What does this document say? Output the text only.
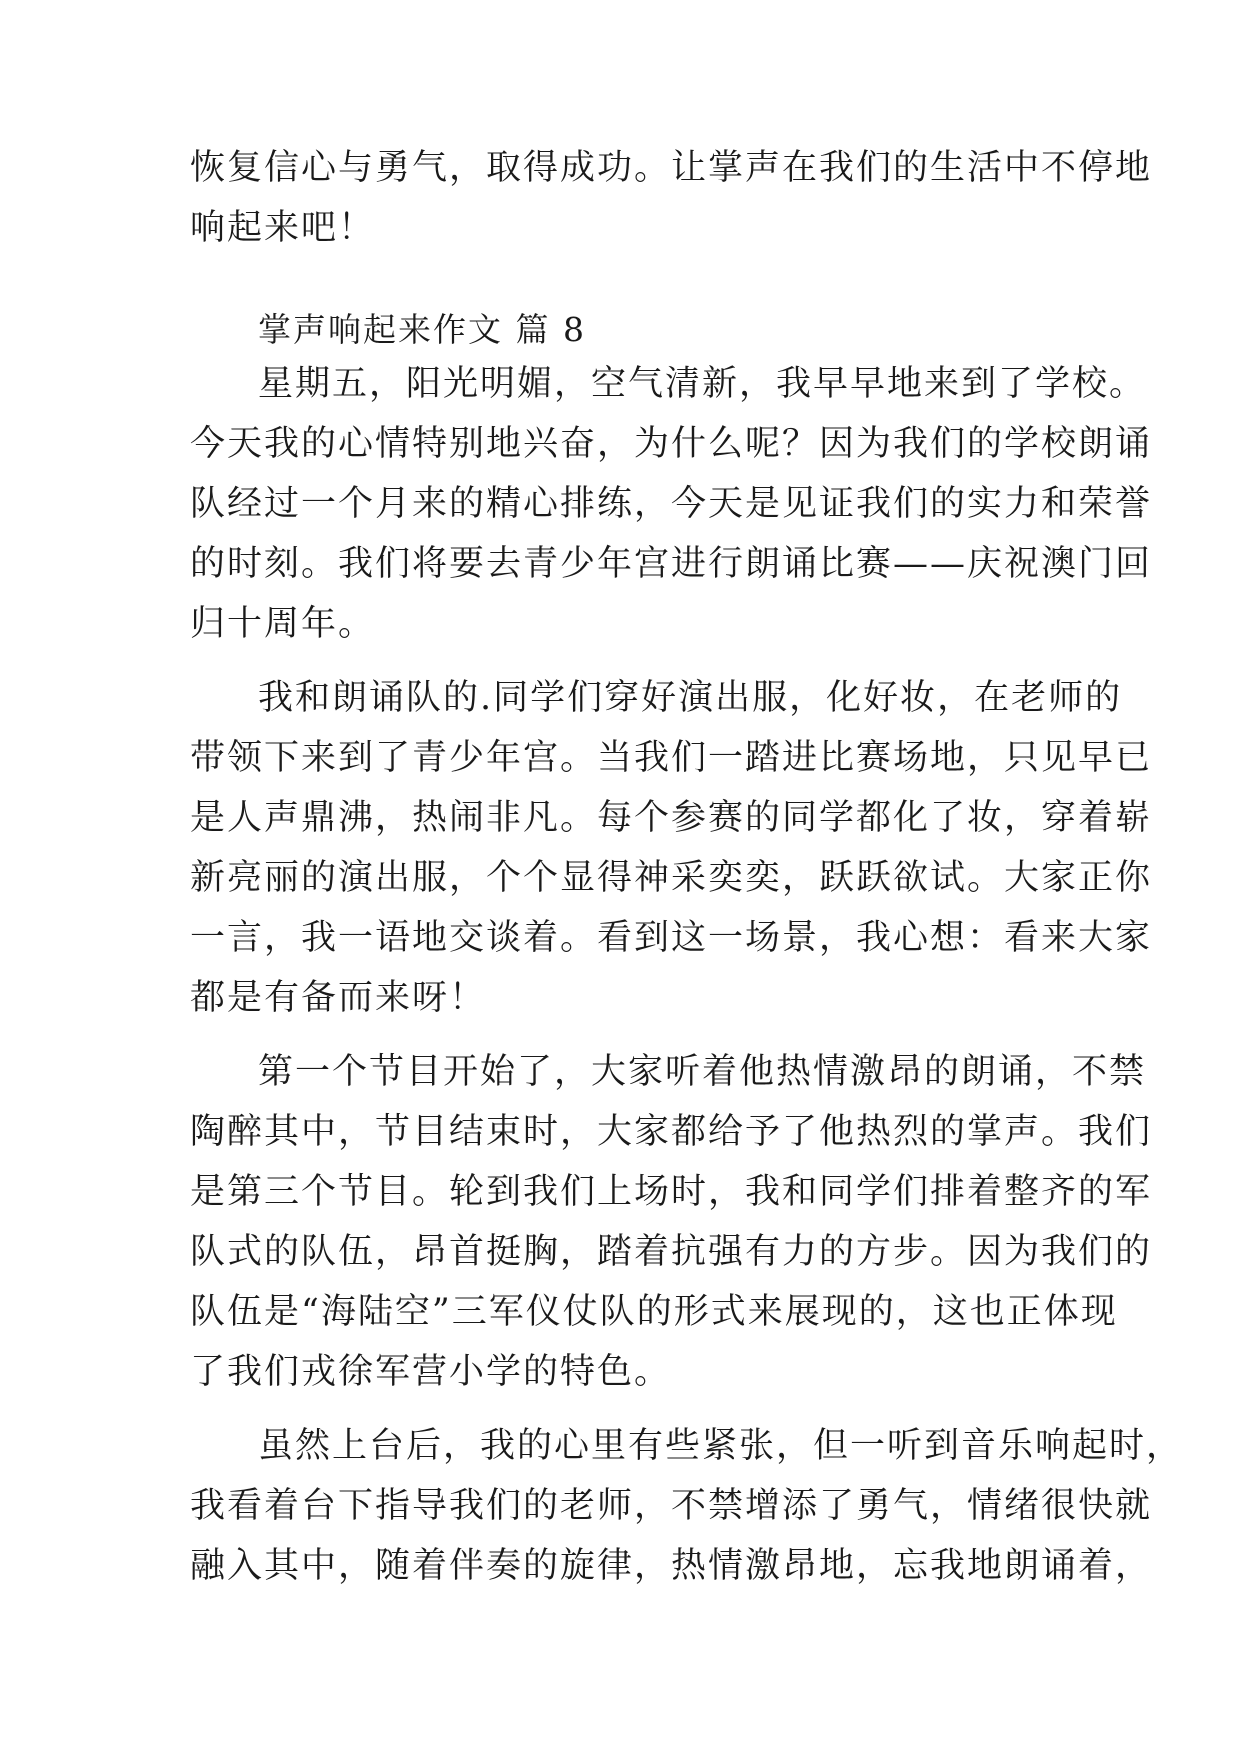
恢复信心与勇气，取得成功。让掌声在我们的生活中不停地
响起来吧！
掌声响起来作文 篇 8
星期五，阳光明媚，空气清新，我早早地来到了学校。
今天我的心情特别地兴奋，为什么呢？因为我们的学校朗诵
队经过一个月来的精心排练，今天是见证我们的实力和荣誉
的时刻。我们将要去青少年宫进行朗诵比赛——庆祝澳门回
归十周年。
我和朗诵队的.同学们穿好演出服，化好妆，在老师的
带领下来到了青少年宫。当我们一踏进比赛场地，只见早已
是人声鼎沸，热闹非凡。每个参赛的同学都化了妆，穿着崭
新亮丽的演出服，个个显得神采奕奕，跃跃欲试。大家正你
一言，我一语地交谈着。看到这一场景，我心想：看来大家
都是有备而来呀！
第一个节目开始了，大家听着他热情激昂的朗诵，不禁
陶醉其中，节目结束时，大家都给予了他热烈的掌声。我们
是第三个节目。轮到我们上场时，我和同学们排着整齐的军
队式的队伍，昂首挺胸，踏着抗强有力的方步。因为我们的
队伍是“海陆空”三军仪仗队的形式来展现的，这也正体现
了我们戎徐军营小学的特色。
虽然上台后，我的心里有些紧张，但一听到音乐响起时，
我看着台下指导我们的老师，不禁增添了勇气，情绪很快就
融入其中，随着伴奏的旋律，热情激昂地，忘我地朗诵着，
